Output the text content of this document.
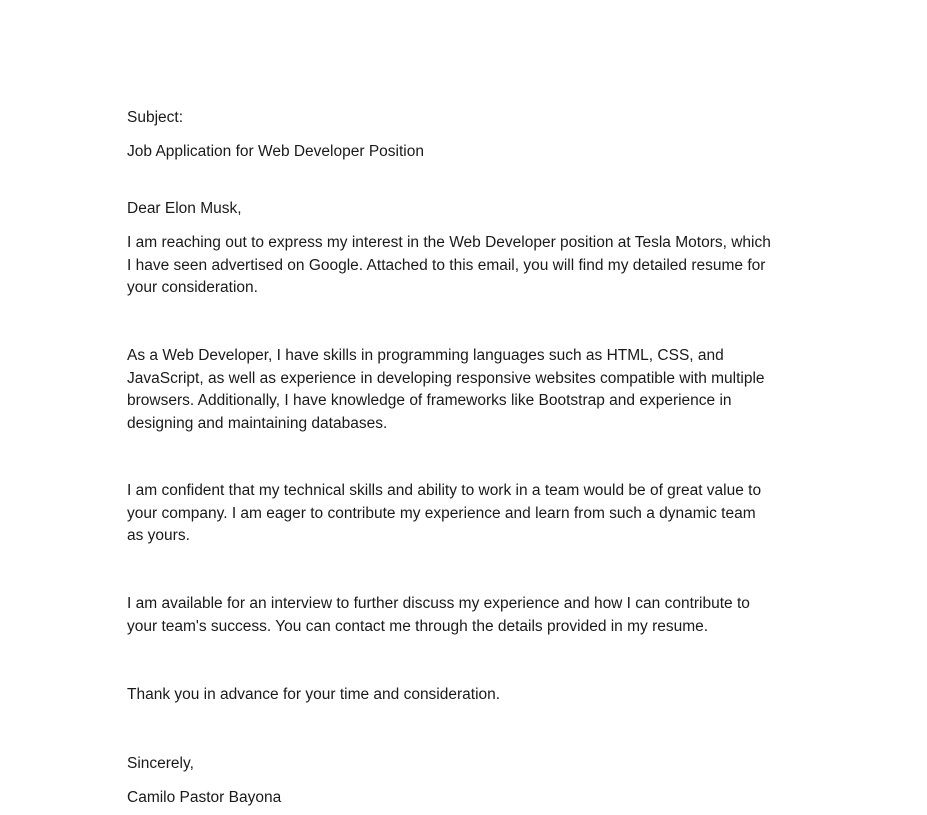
Subject:

Job Application for Web Developer Position

Dear Elon Musk,

I am reaching out to express my interest in the Web Developer position at Tesla Motors, which
I have seen advertised on Google. Attached to this email, you will find my detailed resume for
your consideration.

As a Web Developer, I have skills in programming languages such as HTML, CSS, and
JavaScript, as well as experience in developing responsive websites compatible with multiple
browsers. Additionally, I have knowledge of frameworks like Bootstrap and experience in
designing and maintaining databases.

I am confident that my technical skills and ability to work in a team would be of great value to
your company. I am eager to contribute my experience and learn from such a dynamic team
as yours.

I am available for an interview to further discuss my experience and how I can contribute to
your team's success. You can contact me through the details provided in my resume.

Thank you in advance for your time and consideration.

Sincerely,

Camilo Pastor Bayona
